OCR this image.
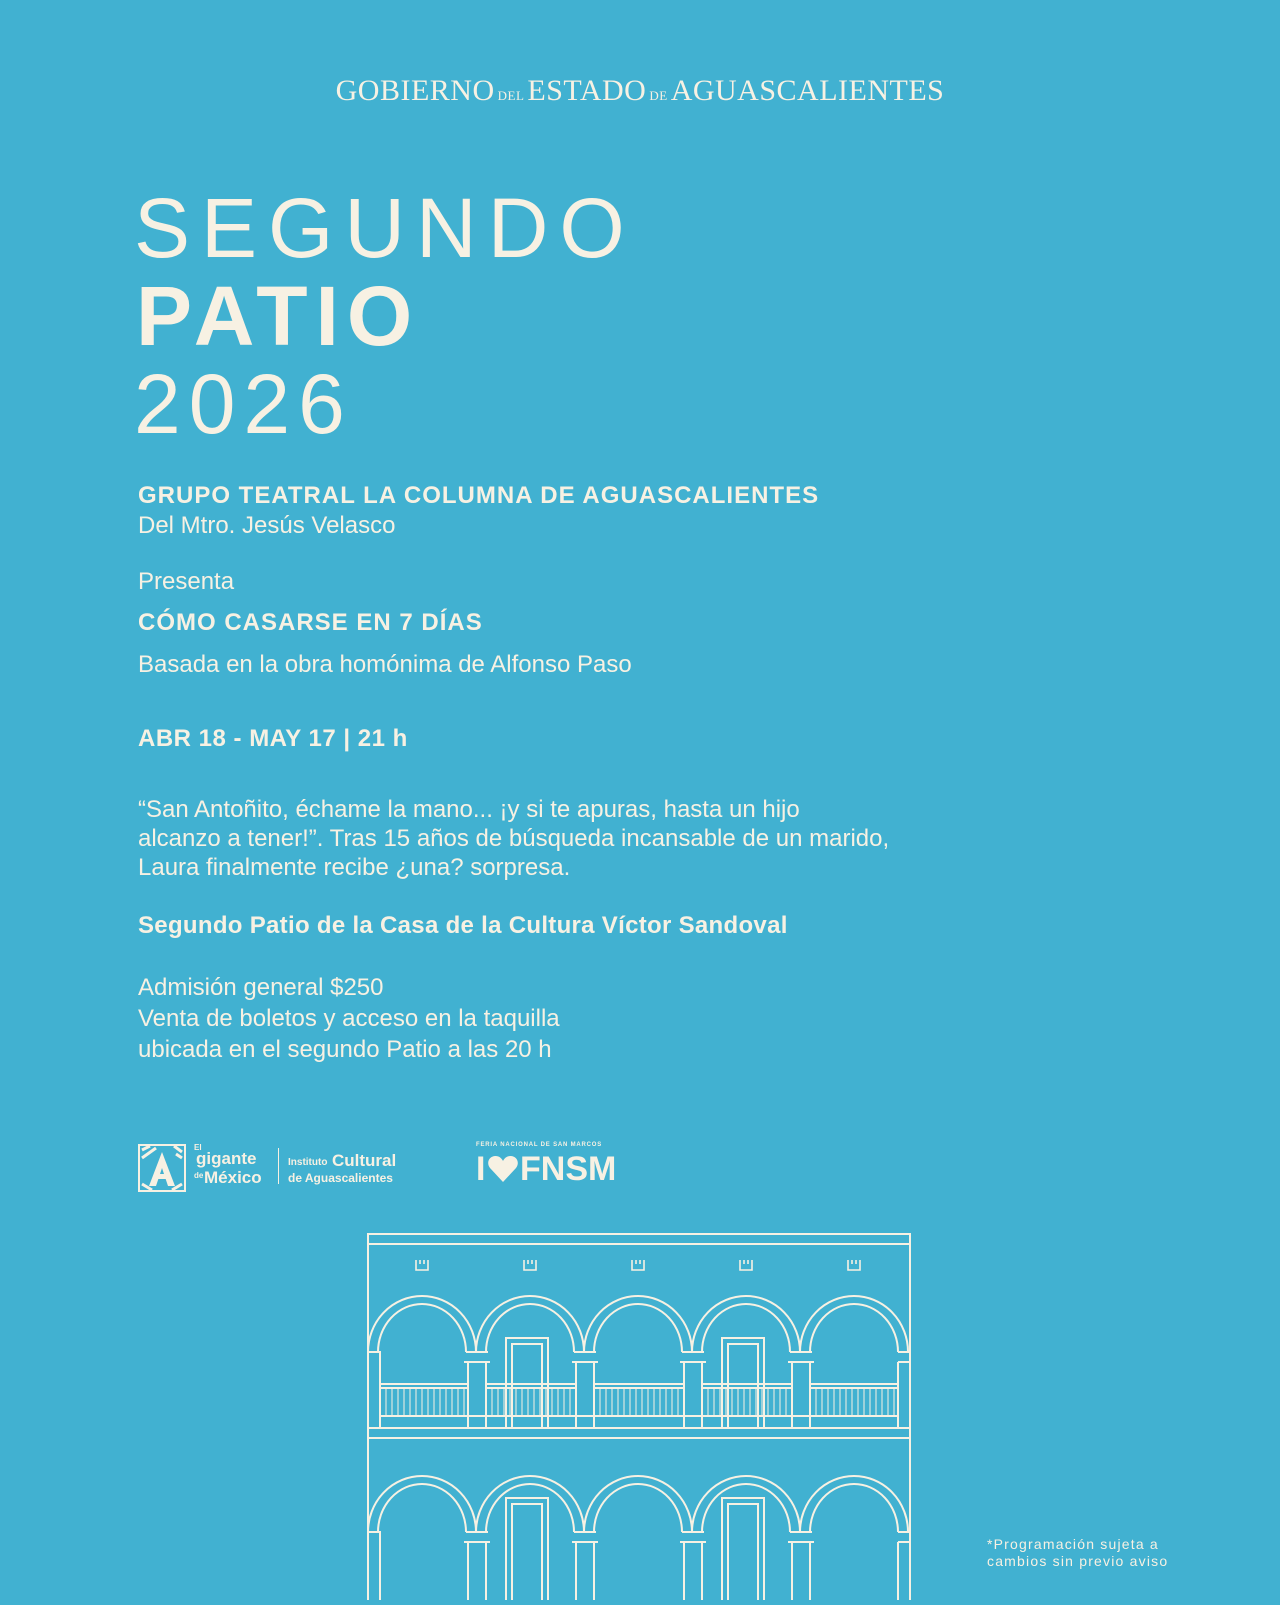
GOBIERNO DEL ESTADO DE AGUASCALIENTES
SEGUNDO
PATIO
2026
GRUPO TEATRAL LA COLUMNA DE AGUASCALIENTES
Del Mtro. Jesús Velasco
Presenta
CÓMO CASARSE EN 7 DÍAS
Basada en la obra homónima de Alfonso Paso
ABR 18 - MAY 17 | 21 h
“San Antoñito, échame la mano... ¡y si te apuras, hasta un hijo
alcanzo a tener!”. Tras 15 años de búsqueda incansable de un marido,
Laura finalmente recibe ¿una? sorpresa.
Segundo Patio de la Casa de la Cultura Víctor Sandoval
Admisión general $250
Venta de boletos y acceso en la taquilla
ubicada en el segundo Patio a las 20 h
El
gigante
de México
Instituto Cultural
de Aguascalientes
FERIA NACIONAL DE SAN MARCOS
I FNSM
*Programación sujeta a
cambios sin previo aviso
